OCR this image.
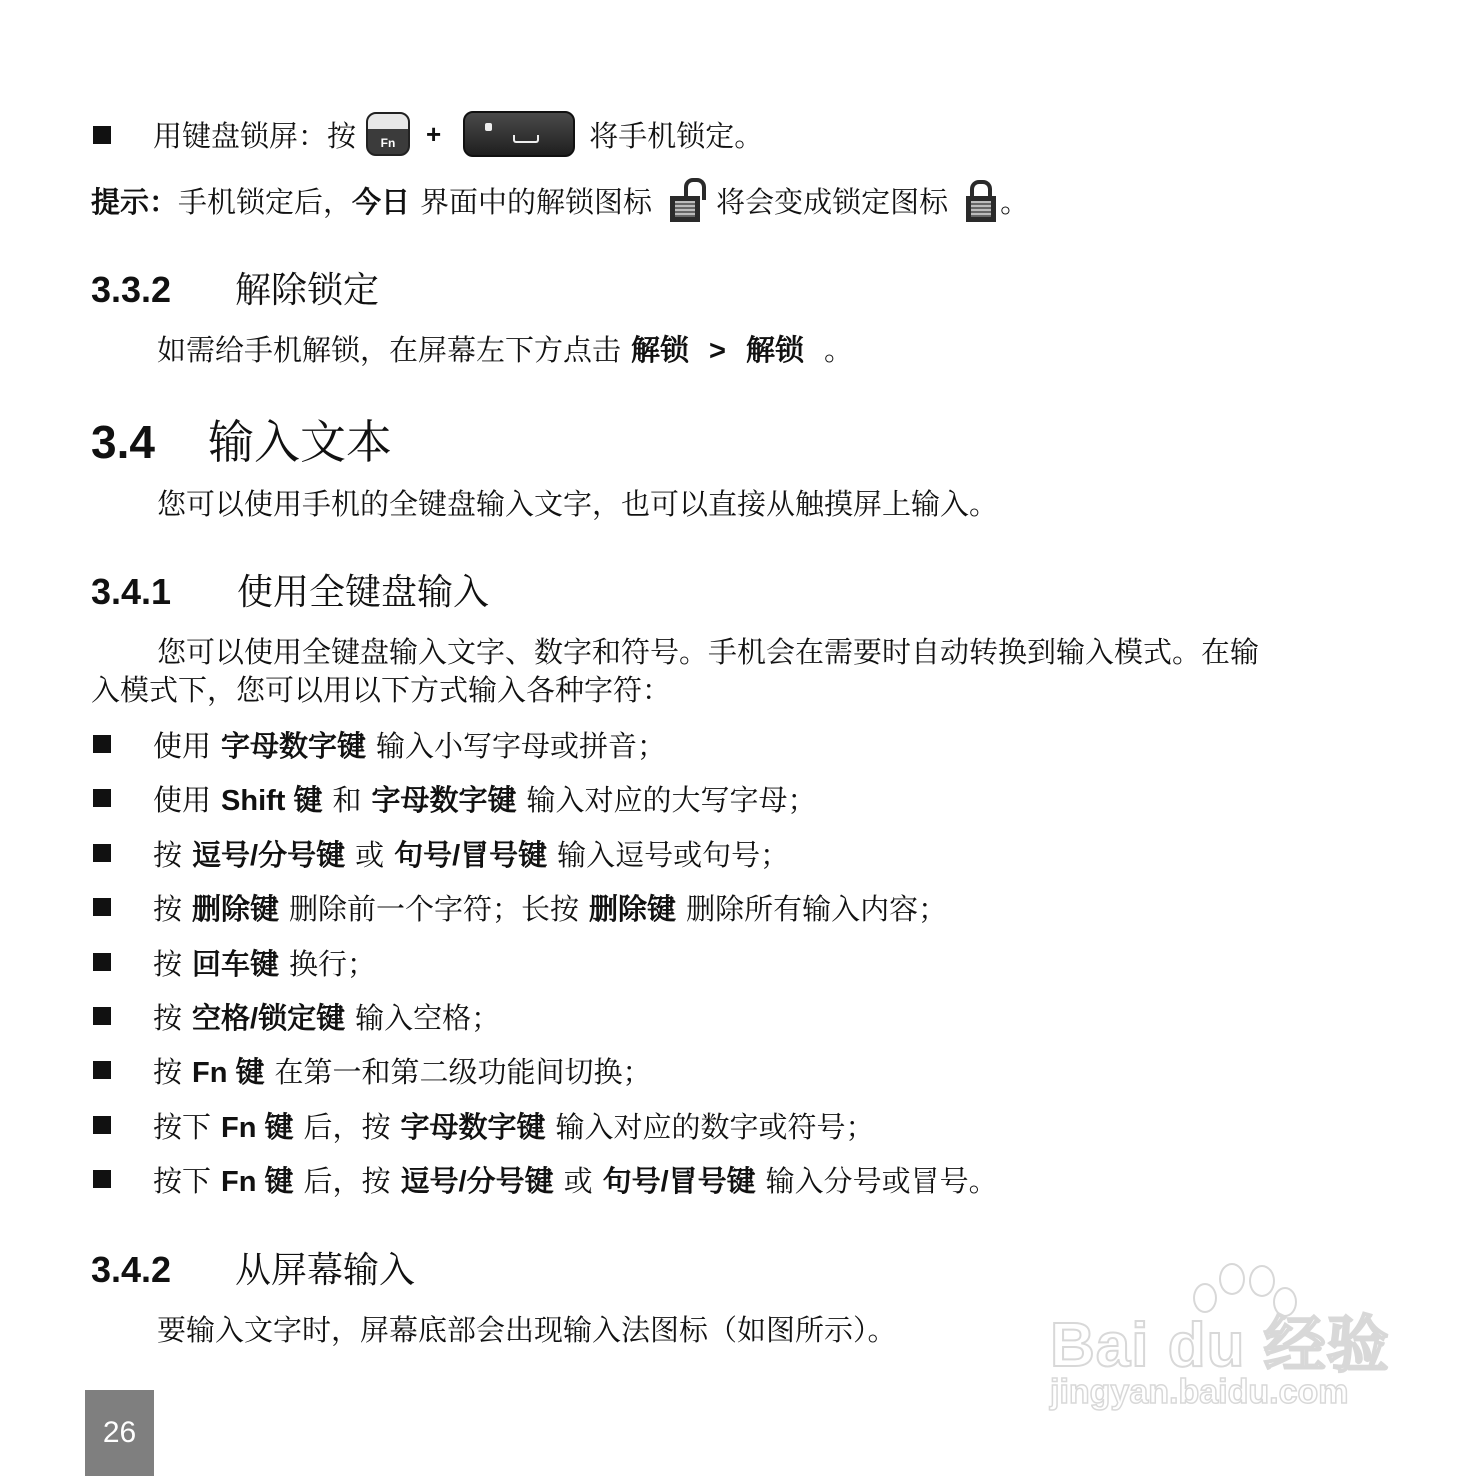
用键盘锁屏：按	Fn	+	将手机锁定。
提示： 手机锁定后， 今日 界面中的解锁图标 将会变成锁定图标 。
3.3.2 解除锁定
如需给手机解锁，在屏幕左下方点击 解锁 > 解锁 。
3.4 输入文本
您可以使用手机的全键盘输入文字，也可以直接从触摸屏上输入。
3.4.1 使用全键盘输入
您可以使用全键盘输入文字、数字和符号。手机会在需要时自动转换到输入模式。在输
入模式下，您可以用以下方式输入各种字符：
使用 字母数字键 输入小写字母或拼音；
使用 Shift 键 和 字母数字键 输入对应的大写字母；
按 逗号/分号键 或 句号/冒号键 输入逗号或句号；
按 删除键 删除前一个字符；长按 删除键 删除所有输入内容；
按 回车键 换行；
按 空格/锁定键 输入空格；
按 Fn 键 在第一和第二级功能间切换；
按下 Fn 键 后，按 字母数字键 输入对应的数字或符号；
按下 Fn 键 后，按 逗号/分号键 或 句号/冒号键 输入分号或冒号。
3.4.2 从屏幕输入
要输入文字时，屏幕底部会出现输入法图标（如图所示）。
26
Bai du 经验
jingyan.baidu.com
